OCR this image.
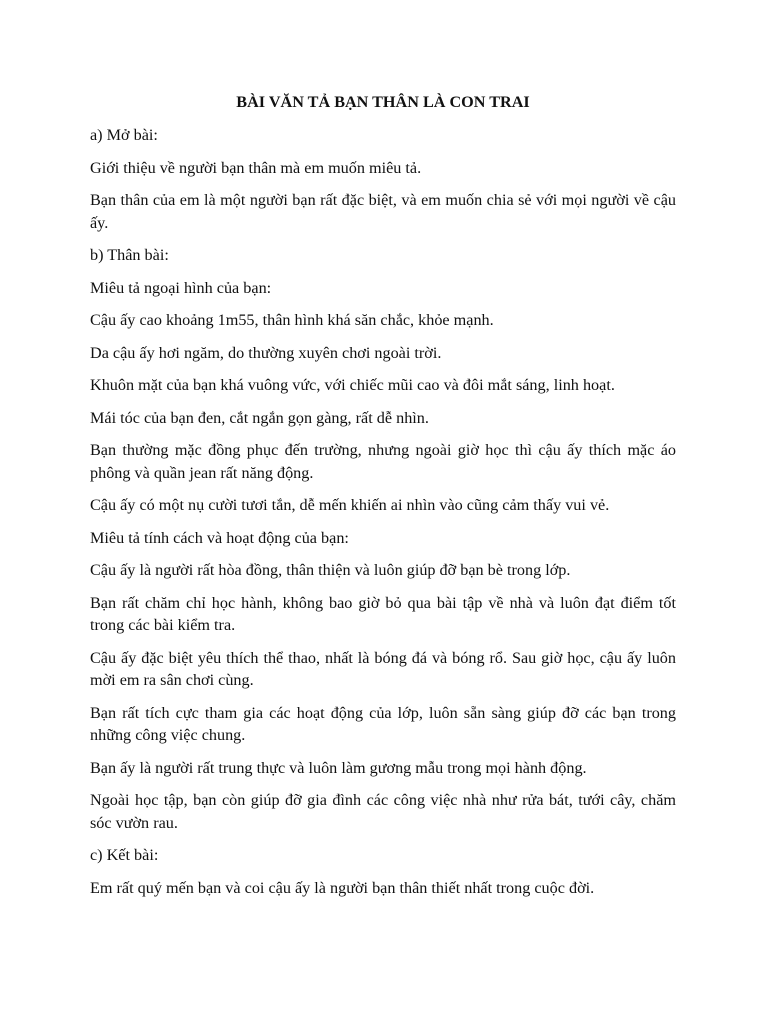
BÀI VĂN TẢ BẠN THÂN LÀ CON TRAI

a) Mở bài:

Giới thiệu về người bạn thân mà em muốn miêu tả.

Bạn thân của em là một người bạn rất đặc biệt, và em muốn chia sẻ với mọi người về cậu ấy.

b) Thân bài:

Miêu tả ngoại hình của bạn:

Cậu ấy cao khoảng 1m55, thân hình khá săn chắc, khỏe mạnh.

Da cậu ấy hơi ngăm, do thường xuyên chơi ngoài trời.

Khuôn mặt của bạn khá vuông vức, với chiếc mũi cao và đôi mắt sáng, linh hoạt.

Mái tóc của bạn đen, cắt ngắn gọn gàng, rất dễ nhìn.

Bạn thường mặc đồng phục đến trường, nhưng ngoài giờ học thì cậu ấy thích mặc áo phông và quần jean rất năng động.

Cậu ấy có một nụ cười tươi tắn, dễ mến khiến ai nhìn vào cũng cảm thấy vui vẻ.

Miêu tả tính cách và hoạt động của bạn:

Cậu ấy là người rất hòa đồng, thân thiện và luôn giúp đỡ bạn bè trong lớp.

Bạn rất chăm chỉ học hành, không bao giờ bỏ qua bài tập về nhà và luôn đạt điểm tốt trong các bài kiểm tra.

Cậu ấy đặc biệt yêu thích thể thao, nhất là bóng đá và bóng rổ. Sau giờ học, cậu ấy luôn mời em ra sân chơi cùng.

Bạn rất tích cực tham gia các hoạt động của lớp, luôn sẵn sàng giúp đỡ các bạn trong những công việc chung.

Bạn ấy là người rất trung thực và luôn làm gương mẫu trong mọi hành động.

Ngoài học tập, bạn còn giúp đỡ gia đình các công việc nhà như rửa bát, tưới cây, chăm sóc vườn rau.

c) Kết bài:

Em rất quý mến bạn và coi cậu ấy là người bạn thân thiết nhất trong cuộc đời.
